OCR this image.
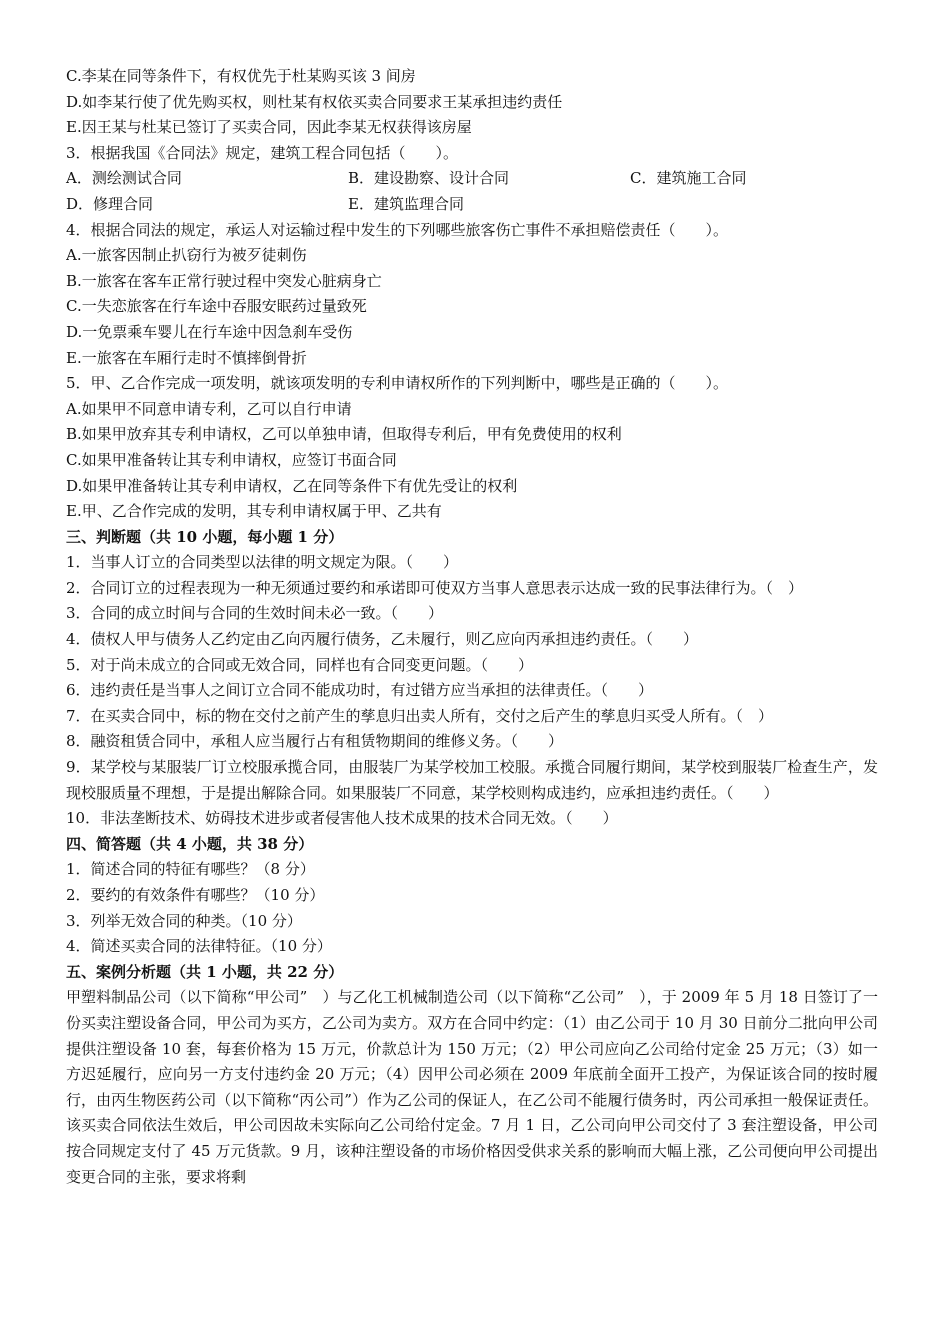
C.李某在同等条件下，有权优先于杜某购买该 3 间房
D.如李某行使了优先购买权，则杜某有权依买卖合同要求王某承担违约责任
E.因王某与杜某已签订了买卖合同，因此李某无权获得该房屋
3．根据我国《合同法》规定，建筑工程合同包括（　　）。
A．测绘测试合同	B．建设勘察、设计合同	C．建筑施工合同
D．修理合同	E．建筑监理合同
4．根据合同法的规定，承运人对运输过程中发生的下列哪些旅客伤亡事件不承担赔偿责任（　　）。
A.一旅客因制止扒窃行为被歹徒刺伤
B.一旅客在客车正常行驶过程中突发心脏病身亡
C.一失恋旅客在行车途中吞服安眠药过量致死
D.一免票乘车婴儿在行车途中因急刹车受伤
E.一旅客在车厢行走时不慎摔倒骨折
5．甲、乙合作完成一项发明，就该项发明的专利申请权所作的下列判断中，哪些是正确的（　　）。
A.如果甲不同意申请专利，乙可以自行申请
B.如果甲放弃其专利申请权，乙可以单独申请，但取得专利后，甲有免费使用的权利
C.如果甲准备转让其专利申请权，应签订书面合同
D.如果甲准备转让其专利申请权，乙在同等条件下有优先受让的权利
E.甲、乙合作完成的发明，其专利申请权属于甲、乙共有
三、判断题（共 10 小题，每小题 1 分）
1．当事人订立的合同类型以法律的明文规定为限。（　　）
2．合同订立的过程表现为一种无须通过要约和承诺即可使双方当事人意思表示达成一致的民事法律行为。（　）
3．合同的成立时间与合同的生效时间未必一致。（　　）
4．债权人甲与债务人乙约定由乙向丙履行债务，乙未履行，则乙应向丙承担违约责任。（　　）
5．对于尚未成立的合同或无效合同，同样也有合同变更问题。（　　）
6．违约责任是当事人之间订立合同不能成功时，有过错方应当承担的法律责任。（　　）
7．在买卖合同中，标的物在交付之前产生的孳息归出卖人所有，交付之后产生的孳息归买受人所有。（　）
8．融资租赁合同中，承租人应当履行占有租赁物期间的维修义务。（　　）
9．某学校与某服装厂订立校服承揽合同，由服装厂为某学校加工校服。承揽合同履行期间，某学校到服装厂检查生产，发现校服质量不理想，于是提出解除合同。如果服装厂不同意，某学校则构成违约，应承担违约责任。（　　）
10．非法垄断技术、妨碍技术进步或者侵害他人技术成果的技术合同无效。（　　）
四、简答题（共 4 小题，共 38 分）
1．简述合同的特征有哪些？（8 分）
2．要约的有效条件有哪些？（10 分）
3．列举无效合同的种类。（10 分）
4．简述买卖合同的法律特征。（10 分）
五、案例分析题（共 1 小题，共 22 分）
甲塑料制品公司（以下简称“甲公司”　）与乙化工机械制造公司（以下简称“乙公司”　），于 2009 年 5 月 18 日签订了一份买卖注塑设备合同，甲公司为买方，乙公司为卖方。双方在合同中约定：（1）由乙公司于 10 月 30 日前分二批向甲公司提供注塑设备 10 套，每套价格为 15 万元，价款总计为 150 万元；（2）甲公司应向乙公司给付定金 25 万元；（3）如一方迟延履行，应向另一方支付违约金 20 万元；（4）因甲公司必须在 2009 年底前全面开工投产，为保证该合同的按时履行，由丙生物医药公司（以下简称“丙公司”）作为乙公司的保证人，在乙公司不能履行债务时，丙公司承担一般保证责任。该买卖合同依法生效后，甲公司因故未实际向乙公司给付定金。7 月 1 日，乙公司向甲公司交付了 3 套注塑设备，甲公司按合同规定支付了 45 万元货款。9 月，该种注塑设备的市场价格因受供求关系的影响而大幅上涨，乙公司便向甲公司提出变更合同的主张，要求将剩
